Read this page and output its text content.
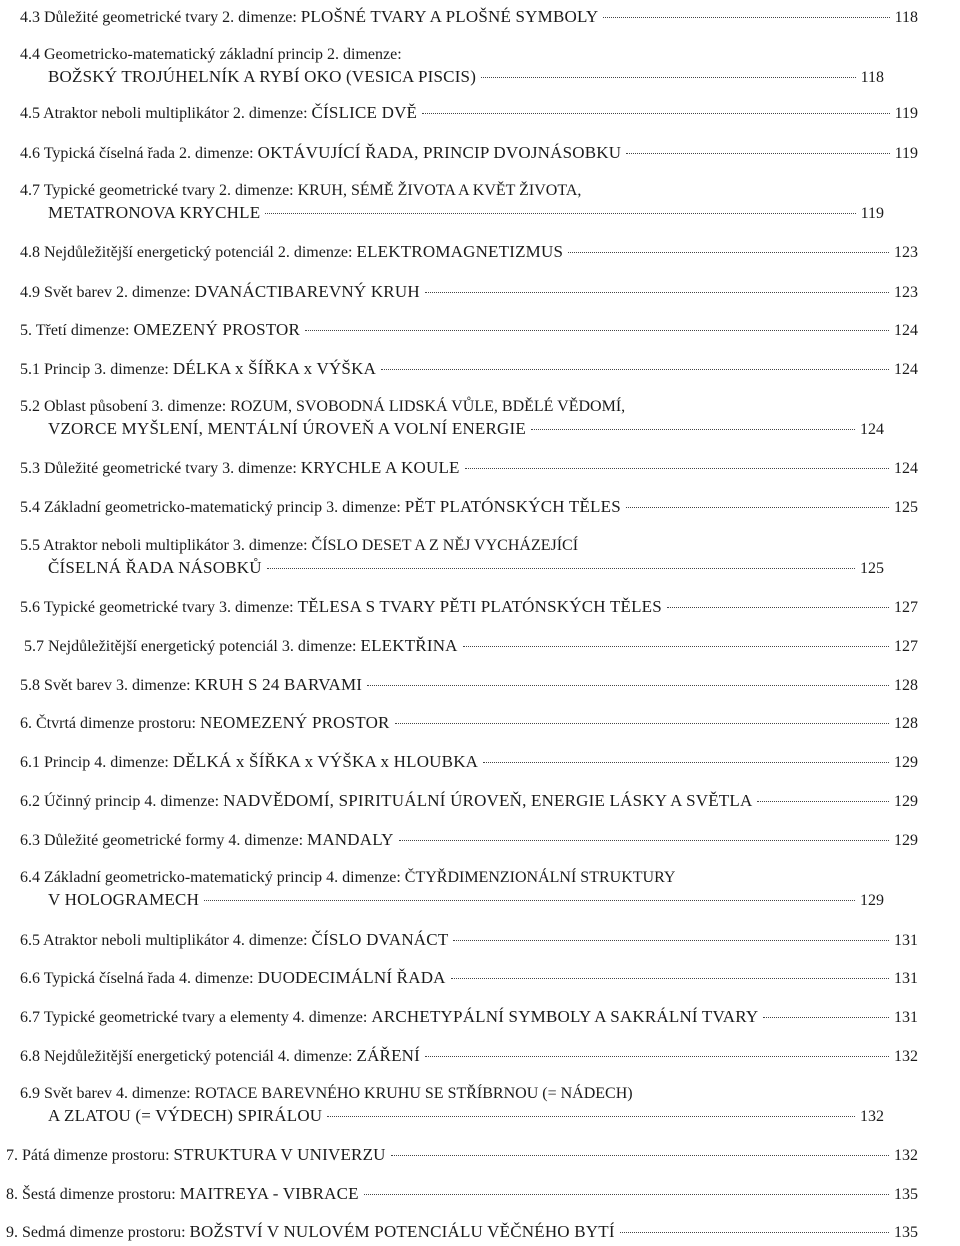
4.3 Důležité geometrické tvary 2. dimenze: PLOŠNÉ TVARY A PLOŠNÉ SYMBOLY	118
4.4 Geometricko-matematický základní princip 2. dimenze:
BOŽSKÝ TROJÚHELNÍK A RYBÍ OKO (VESICA PISCIS)	118
4.5 Atraktor neboli multiplikátor 2. dimenze: ČÍSLICE DVĚ	119
4.6 Typická číselná řada 2. dimenze: OKTÁVUJÍCÍ ŘADA, PRINCIP DVOJNÁSOBKU	119
4.7 Typické geometrické tvary 2. dimenze: KRUH, SÉMĚ ŽIVOTA A KVĚT ŽIVOTA,
METATRONOVA KRYCHLE	119
4.8 Nejdůležitější energetický potenciál 2. dimenze: ELEKTROMAGNETIZMUS	123
4.9 Svět barev 2. dimenze: DVANÁCTIBAREVNÝ KRUH	123
5. Třetí dimenze: OMEZENÝ PROSTOR	124
5.1 Princip 3. dimenze: DÉLKA x ŠÍŘKA x VÝŠKA	124
5.2 Oblast působení 3. dimenze: ROZUM, SVOBODNÁ LIDSKÁ VŮLE, BDĚLÉ VĚDOMÍ,
VZORCE MYŠLENÍ, MENTÁLNÍ ÚROVEŇ A VOLNÍ ENERGIE	124
5.3 Důležité geometrické tvary 3. dimenze: KRYCHLE A KOULE	124
5.4 Základní geometricko-matematický princip 3. dimenze: PĚT PLATÓNSKÝCH TĚLES	125
5.5 Atraktor neboli multiplikátor 3. dimenze: ČÍSLO DESET A Z NĚJ VYCHÁZEJÍCÍ
ČÍSELNÁ ŘADA NÁSOBKŮ	125
5.6 Typické geometrické tvary 3. dimenze: TĚLESA S TVARY PĚTI PLATÓNSKÝCH TĚLES	127
5.7 Nejdůležitější energetický potenciál 3. dimenze: ELEKTŘINA	127
5.8 Svět barev 3. dimenze: KRUH S 24 BARVAMI	128
6. Čtvrtá dimenze prostoru: NEOMEZENÝ PROSTOR	128
6.1 Princip 4. dimenze: DĚLKÁ x ŠÍŘKA x VÝŠKA x HLOUBKA	129
6.2 Účinný princip 4. dimenze: NADVĚDOMÍ, SPIRITUÁLNÍ ÚROVEŇ, ENERGIE LÁSKY A SVĚTLA	129
6.3 Důležité geometrické formy 4. dimenze: MANDALY	129
6.4 Základní geometricko-matematický princip 4. dimenze: ČTYŘDIMENZIONÁLNÍ STRUKTURY
V HOLOGRAMECH	129
6.5 Atraktor neboli multiplikátor 4. dimenze: ČÍSLO DVANÁCT	131
6.6 Typická číselná řada 4. dimenze: DUODECIMÁLNÍ ŘADA	131
6.7 Typické geometrické tvary a elementy 4. dimenze: ARCHETYPÁLNÍ SYMBOLY A SAKRÁLNÍ TVARY	131
6.8 Nejdůležitější energetický potenciál 4. dimenze: ZÁŘENÍ	132
6.9 Svět barev 4. dimenze: ROTACE BAREVNÉHO KRUHU SE STŘÍBRNOU (= NÁDECH)
A ZLATOU (= VÝDECH) SPIRÁLOU	132
7. Pátá dimenze prostoru: STRUKTURA V UNIVERZU	132
8. Šestá dimenze prostoru: MAITREYA - VIBRACE	135
9. Sedmá dimenze prostoru: BOŽSTVÍ V NULOVÉM POTENCIÁLU VĚČNÉHO BYTÍ	135
